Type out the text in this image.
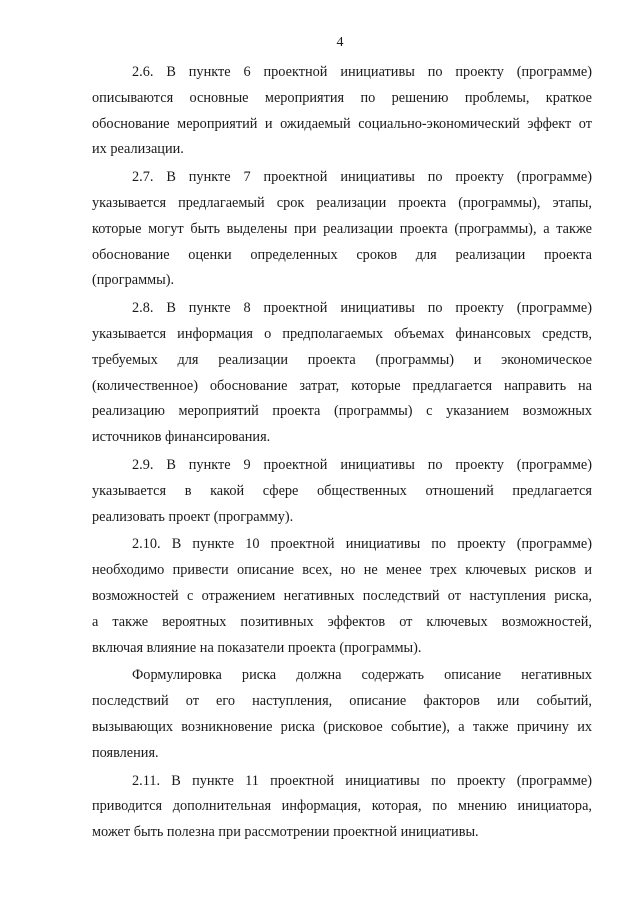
4
2.6. В пункте 6 проектной инициативы по проекту (программе)
описываются основные мероприятия по решению проблемы, краткое
обоснование мероприятий и ожидаемый социально-экономический эффект от
их реализации.
2.7. В пункте 7 проектной инициативы по проекту (программе)
указывается предлагаемый срок реализации проекта (программы), этапы,
которые могут быть выделены при реализации проекта (программы), а также
обоснование оценки определенных сроков для реализации проекта
(программы).
2.8. В пункте 8 проектной инициативы по проекту (программе)
указывается информация о предполагаемых объемах финансовых средств,
требуемых для реализации проекта (программы) и экономическое
(количественное) обоснование затрат, которые предлагается направить на
реализацию мероприятий проекта (программы) с указанием возможных
источников финансирования.
2.9. В пункте 9 проектной инициативы по проекту (программе)
указывается в какой сфере общественных отношений предлагается
реализовать проект (программу).
2.10. В пункте 10 проектной инициативы по проекту (программе)
необходимо привести описание всех, но не менее трех ключевых рисков и
возможностей с отражением негативных последствий от наступления риска,
а также вероятных позитивных эффектов от ключевых возможностей,
включая влияние на показатели проекта (программы).
Формулировка риска должна содержать описание негативных
последствий от его наступления, описание факторов или событий,
вызывающих возникновение риска (рисковое событие), а также причину их
появления.
2.11. В пункте 11 проектной инициативы по проекту (программе)
приводится дополнительная информация, которая, по мнению инициатора,
может быть полезна при рассмотрении проектной инициативы.
